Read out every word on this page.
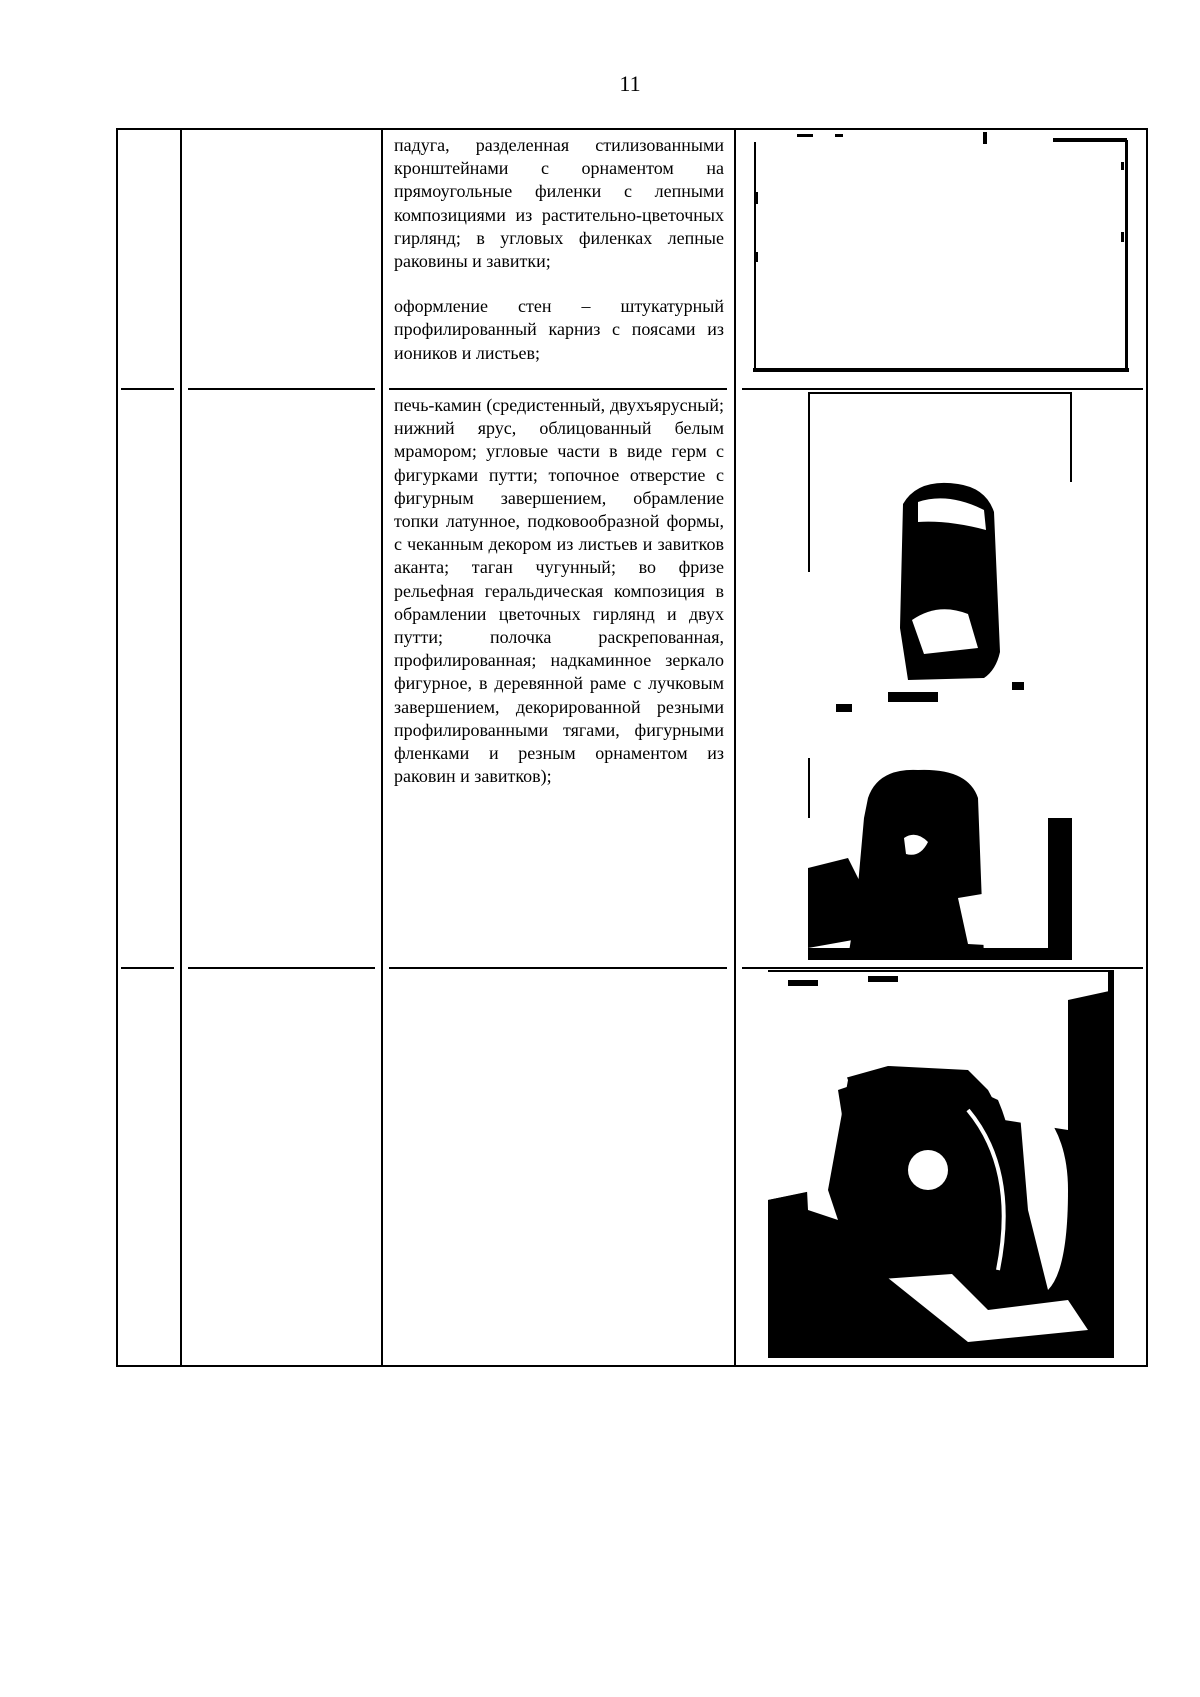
11

падуга, разделенная стилизованными кронштейнами с орнаментом на прямоугольные филенки с лепными композициями из растительно-цветочных гирлянд; в угловых филенках лепные раковины и завитки;

оформление стен – штукатурный профилированный карниз с поясами из иоников и листьев;

печь-камин (средистенный, двухъярусный; нижний ярус, облицованный белым мрамором; угловые части в виде герм с фигурками путти; топочное отверстие с фигурным завершением, обрамление топки латунное, подковообразной формы, с чеканным декором из листьев и завитков аканта; таган чугунный; во фризе рельефная геральдическая композиция в обрамлении цветочных гирлянд и двух путти; полочка раскрепованная, профилированная; надкаминное зеркало фигурное, в деревянной раме с лучковым завершением, декорированной резными профилированными тягами, фигурными фленками и резным орнаментом из раковин и завитков);
